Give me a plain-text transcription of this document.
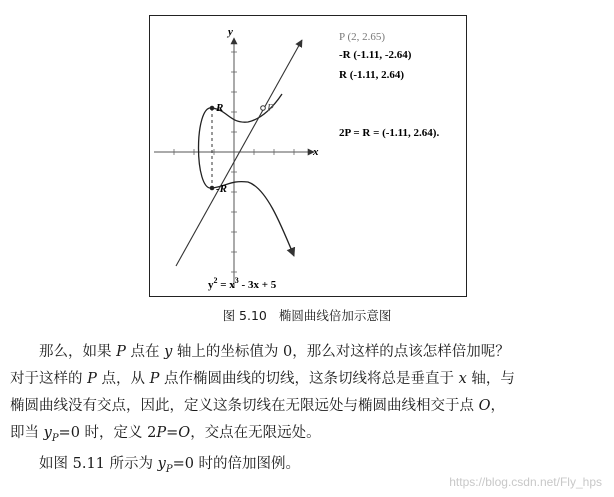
x
y
P
R
-R
P (2, 2.65)
-R (-1.11, -2.64)
R (-1.11, 2.64)
2P = R = (-1.11, 2.64).
$y^2 = x^3 - 3x + 5$
图 5.10 椭圆曲线倍加示意图
　　那么，如果 P 点在 y 轴上的坐标值为 0，那么对这样的点该怎样倍加呢？
对于这样的 P 点，从 P 点作椭圆曲线的切线，这条切线将总是垂直于 x 轴，与
椭圆曲线没有交点，因此，定义这条切线在无限远处与椭圆曲线相交于点 O，
即当 $y_P=0$ 时，定义 2P=O，交点在无限远处。
　　如图 5.11 所示为 $y_P=0$ 时的倍加图例。
https://blog.csdn.net/Fly_hps
